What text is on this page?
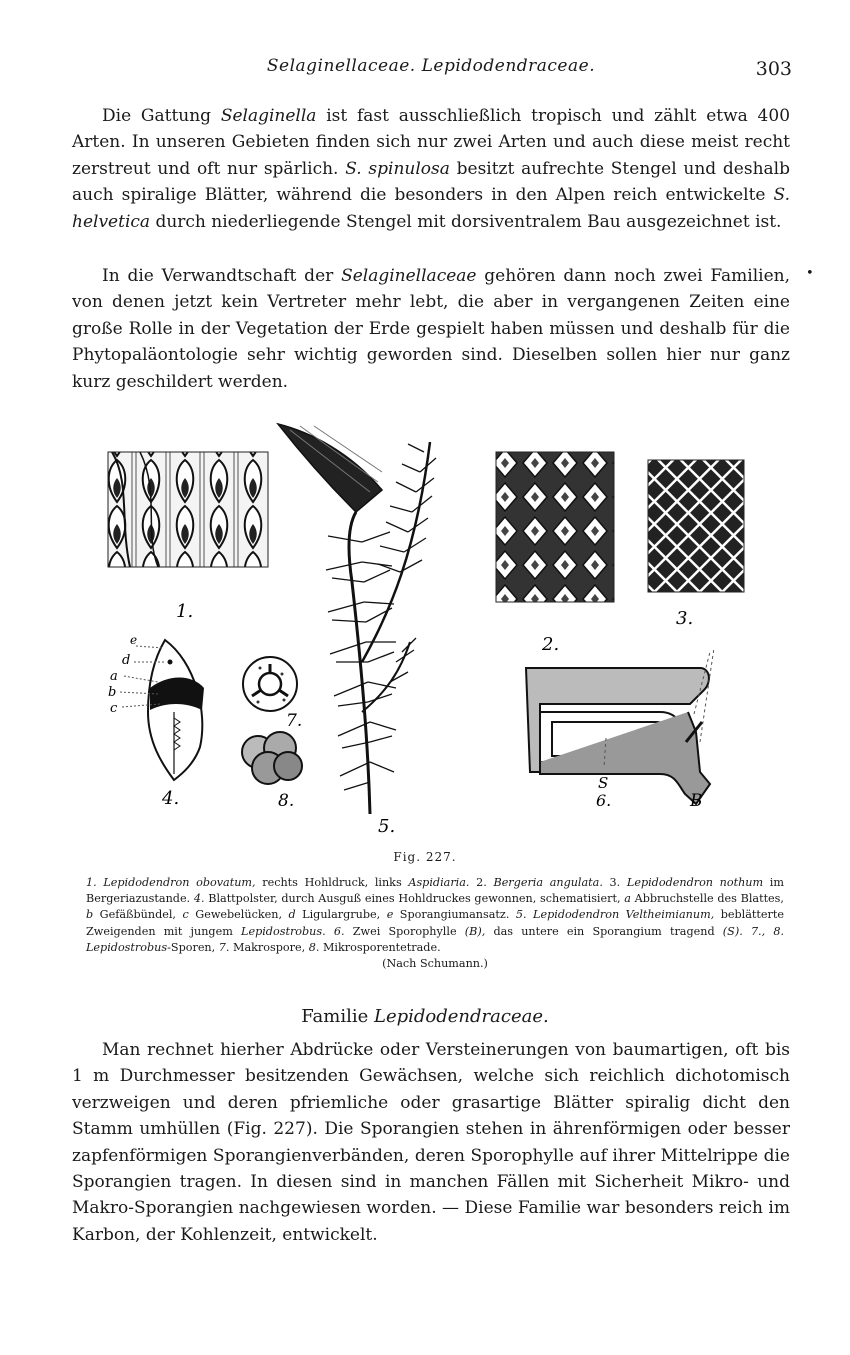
Selaginellaceae. Lepidodendraceae.	303

Die Gattung Selaginella ist fast ausschließlich tropisch und zählt etwa 400 Arten. In unseren Gebieten finden sich nur zwei Arten und auch diese meist recht zerstreut und oft nur spärlich. S. spinulosa besitzt aufrechte Stengel und deshalb auch spiralige Blätter, während die besonders in den Alpen reich entwickelte S. helvetica durch niederliegende Stengel mit dorsiventralem Bau ausgezeichnet ist.

In die Verwandtschaft der Selaginellaceae gehören dann noch zwei Familien, von denen jetzt kein Vertreter mehr lebt, die aber in vergangenen Zeiten eine große Rolle in der Vegetation der Erde gespielt haben müssen und deshalb für die Phytopaläontologie sehr wichtig geworden sind. Dieselben sollen hier nur ganz kurz geschildert werden.

•
1.
e
d
a
b
c
4.
7.
8.
5.
2.
3.
S
6.	B
Fig. 227.

1. Lepidodendron obovatum, rechts Hohldruck, links Aspidiaria. 2. Bergeria angulata. 3. Lepidodendron nothum im Bergeriazustande. 4. Blattpolster, durch Ausguß eines Hohldruckes gewonnen, schematisiert, a Abbruchstelle des Blattes, b Gefäßbündel, c Gewebelücken, d Ligulargrube, e Sporangiumansatz. 5. Lepidodendron Veltheimianum, beblätterte Zweigenden mit jungem Lepidostrobus. 6. Zwei Sporophylle (B), das untere ein Sporangium tragend (S). 7., 8. Lepidostrobus-Sporen, 7. Makrospore, 8. Mikrosporentetrade.
(Nach Schumann.)

Familie Lepidodendraceae.

Man rechnet hierher Abdrücke oder Versteinerungen von baumartigen, oft bis 1 m Durchmesser besitzenden Gewächsen, welche sich reichlich dichotomisch verzweigen und deren pfriemliche oder grasartige Blätter spiralig dicht den Stamm umhüllen (Fig. 227). Die Sporangien stehen in ährenförmigen oder besser zapfenförmigen Sporangienverbänden, deren Sporophylle auf ihrer Mittelrippe die Sporangien tragen. In diesen sind in manchen Fällen mit Sicherheit Mikro- und Makro-Sporangien nachgewiesen worden. — Diese Familie war besonders reich im Karbon, der Kohlenzeit, entwickelt.
